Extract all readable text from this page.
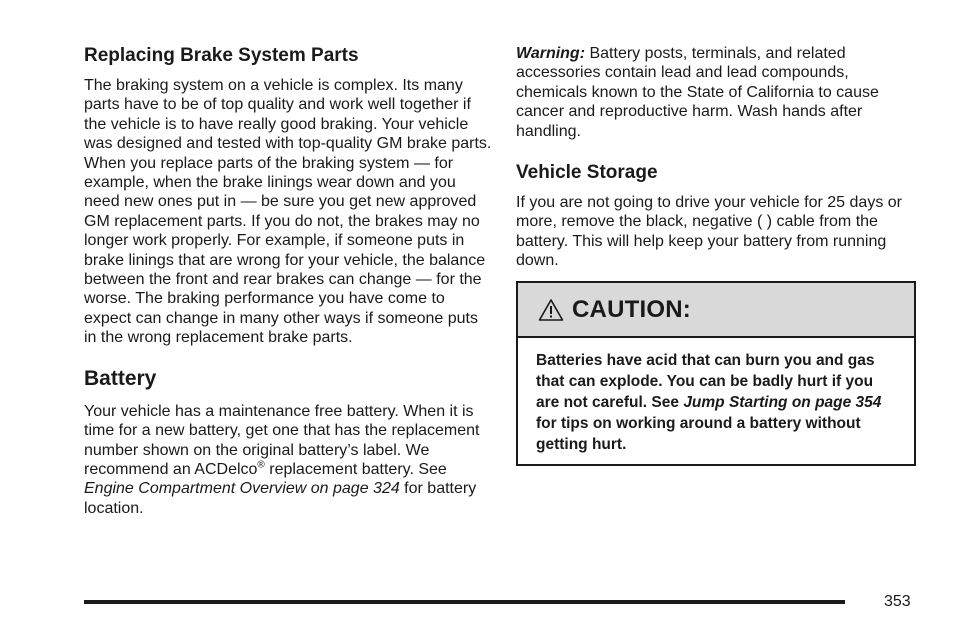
Replacing Brake System Parts

The braking system on a vehicle is complex. Its many parts have to be of top quality and work well together if the vehicle is to have really good braking. Your vehicle was designed and tested with top-quality GM brake parts. When you replace parts of the braking system — for example, when the brake linings wear down and you need new ones put in — be sure you get new approved GM replacement parts. If you do not, the brakes may no longer work properly. For example, if someone puts in brake linings that are wrong for your vehicle, the balance between the front and rear brakes can change — for the worse. The braking performance you have come to expect can change in many other ways if someone puts in the wrong replacement brake parts.

Battery

Your vehicle has a maintenance free battery. When it is time for a new battery, get one that has the replacement number shown on the original battery’s label. We recommend an ACDelco® replacement battery. See Engine Compartment Overview on page 324 for battery location.

Warning: Battery posts, terminals, and related accessories contain lead and lead compounds, chemicals known to the State of California to cause cancer and reproductive harm. Wash hands after handling.

Vehicle Storage

If you are not going to drive your vehicle for 25 days or more, remove the black, negative ( ) cable from the battery. This will help keep your battery from running down.

CAUTION:
Batteries have acid that can burn you and gas that can explode. You can be badly hurt if you are not careful. See Jump Starting on page 354 for tips on working around a battery without getting hurt.
353
